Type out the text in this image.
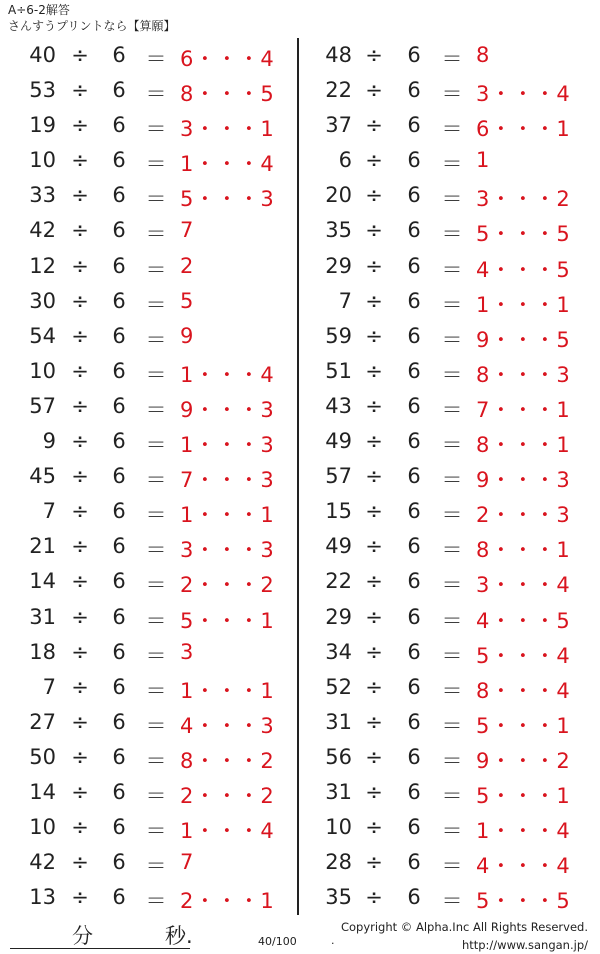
A÷6-2解答
さんすうプリントなら【算願】
40 ÷ 6 ＝ 6・・・4
53 ÷ 6 ＝ 8・・・5
19 ÷ 6 ＝ 3・・・1
10 ÷ 6 ＝ 1・・・4
33 ÷ 6 ＝ 5・・・3
42 ÷ 6 ＝ 7
12 ÷ 6 ＝ 2
30 ÷ 6 ＝ 5
54 ÷ 6 ＝ 9
10 ÷ 6 ＝ 1・・・4
57 ÷ 6 ＝ 9・・・3
9 ÷ 6 ＝ 1・・・3
45 ÷ 6 ＝ 7・・・3
7 ÷ 6 ＝ 1・・・1
21 ÷ 6 ＝ 3・・・3
14 ÷ 6 ＝ 2・・・2
31 ÷ 6 ＝ 5・・・1
18 ÷ 6 ＝ 3
7 ÷ 6 ＝ 1・・・1
27 ÷ 6 ＝ 4・・・3
50 ÷ 6 ＝ 8・・・2
14 ÷ 6 ＝ 2・・・2
10 ÷ 6 ＝ 1・・・4
42 ÷ 6 ＝ 7
13 ÷ 6 ＝ 2・・・1
48 ÷ 6 ＝ 8
22 ÷ 6 ＝ 3・・・4
37 ÷ 6 ＝ 6・・・1
6 ÷ 6 ＝ 1
20 ÷ 6 ＝ 3・・・2
35 ÷ 6 ＝ 5・・・5
29 ÷ 6 ＝ 4・・・5
7 ÷ 6 ＝ 1・・・1
59 ÷ 6 ＝ 9・・・5
51 ÷ 6 ＝ 8・・・3
43 ÷ 6 ＝ 7・・・1
49 ÷ 6 ＝ 8・・・1
57 ÷ 6 ＝ 9・・・3
15 ÷ 6 ＝ 2・・・3
49 ÷ 6 ＝ 8・・・1
22 ÷ 6 ＝ 3・・・4
29 ÷ 6 ＝ 4・・・5
34 ÷ 6 ＝ 5・・・4
52 ÷ 6 ＝ 8・・・4
31 ÷ 6 ＝ 5・・・1
56 ÷ 6 ＝ 9・・・2
31 ÷ 6 ＝ 5・・・1
10 ÷ 6 ＝ 1・・・4
28 ÷ 6 ＝ 4・・・4
35 ÷ 6 ＝ 5・・・5
分	秒.	40/100	.
Copyright © Alpha.Inc All Rights Reserved.
http://www.sangan.jp/
